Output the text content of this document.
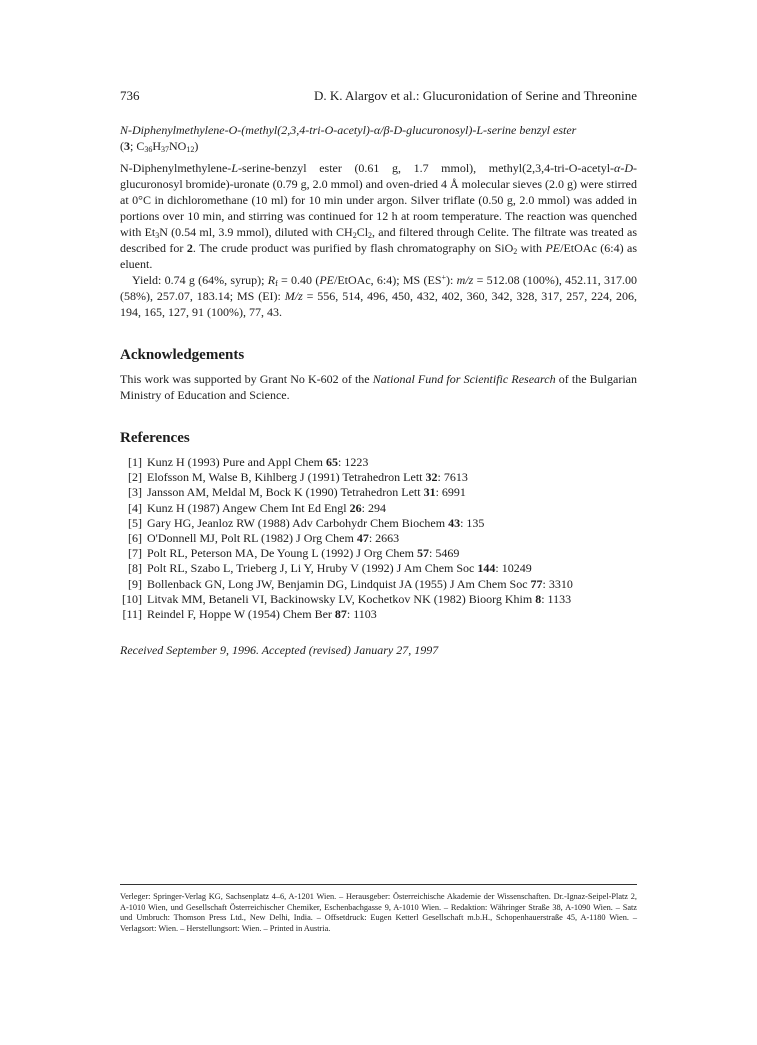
736	D. K. Alargov et al.: Glucuronidation of Serine and Threonine
N-Diphenylmethylene-O-(methyl(2,3,4-tri-O-acetyl)-α/β-D-glucuronosyl)-L-serine benzyl ester
(3; $C_{36}H_{37}NO_{12}$)

N-Diphenylmethylene-L-serine-benzyl ester (0.61 g, 1.7 mmol), methyl(2,3,4-tri-O-acetyl-α-D-glucuronosyl bromide)-uronate (0.79 g, 2.0 mmol) and oven-dried 4 Å molecular sieves (2.0 g) were stirred at 0°C in dichloromethane (10 ml) for 10 min under argon. Silver triflate (0.50 g, 2.0 mmol) was added in portions over 10 min, and stirring was continued for 12 h at room temperature. The reaction was quenched with $Et_3N$ (0.54 ml, 3.9 mmol), diluted with $CH_2Cl_2$, and filtered through Celite. The filtrate was treated as described for 2. The crude product was purified by flash chromatography on SiO$_2$ with PE/EtOAc (6:4) as eluent.

Yield: 0.74 g (64%, syrup); $R_f = 0.40$ (PE/EtOAc, 6:4); MS (ES+): m/z = 512.08 (100%), 452.11, 317.00 (58%), 257.07, 183.14; MS (EI): M/z = 556, 514, 496, 450, 432, 402, 360, 342, 328, 317, 257, 224, 206, 194, 165, 127, 91 (100%), 77, 43.

Acknowledgements

This work was supported by Grant No K-602 of the National Fund for Scientific Research of the Bulgarian Ministry of Education and Science.

References
[1] Kunz H (1993) Pure and Appl Chem 65: 1223
[2] Elofsson M, Walse B, Kihlberg J (1991) Tetrahedron Lett 32: 7613
[3] Jansson AM, Meldal M, Bock K (1990) Tetrahedron Lett 31: 6991
[4] Kunz H (1987) Angew Chem Int Ed Engl 26: 294
[5] Gary HG, Jeanloz RW (1988) Adv Carbohydr Chem Biochem 43: 135
[6] O'Donnell MJ, Polt RL (1982) J Org Chem 47: 2663
[7] Polt RL, Peterson MA, De Young L (1992) J Org Chem 57: 5469
[8] Polt RL, Szabo L, Trieberg J, Li Y, Hruby V (1992) J Am Chem Soc 144: 10249
[9] Bollenback GN, Long JW, Benjamin DG, Lindquist JA (1955) J Am Chem Soc 77: 3310
[10] Litvak MM, Betaneli VI, Backinowsky LV, Kochetkov NK (1982) Bioorg Khim 8: 1133
[11] Reindel F, Hoppe W (1954) Chem Ber 87: 1103
Received September 9, 1996. Accepted (revised) January 27, 1997
Verleger: Springer-Verlag KG, Sachsenplatz 4–6, A-1201 Wien. – Herausgeber: Österreichische Akademie der Wissenschaften. Dr.-Ignaz-Seipel-Platz 2, A-1010 Wien, und Gesellschaft Österreichischer Chemiker, Eschenbachgasse 9, A-1010 Wien. – Redaktion: Währinger Straße 38, A-1090 Wien. – Satz und Umbruch: Thomson Press Ltd., New Delhi, India. – Offsetdruck: Eugen Ketterl Gesellschaft m.b.H., Schopenhauerstraße 45, A-1180 Wien. – Verlagsort: Wien. – Herstellungsort: Wien. – Printed in Austria.
